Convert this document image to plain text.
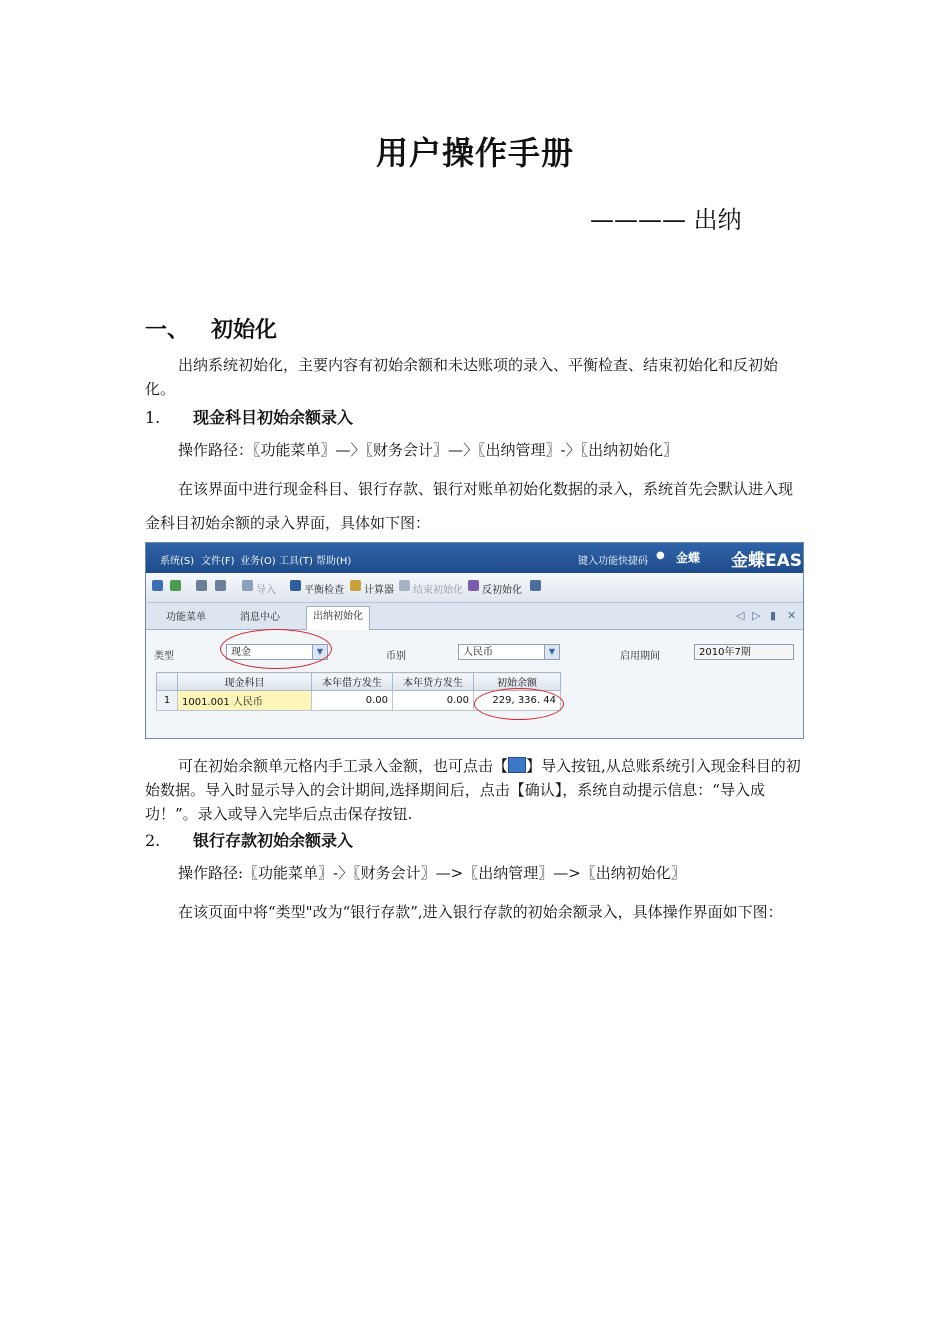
用户操作手册
———— 出纳
一、 初始化
出纳系统初始化，主要内容有初始余额和未达账项的录入、平衡检查、结束初始化和反初始化。
1. 现金科目初始余额录入
操作路径：〖功能菜单〗—〉〖财务会计〗—〉〖出纳管理〗-〉〖出纳初始化〗
在该界面中进行现金科目、银行存款、银行对账单初始化数据的录入，系统首先会默认进入现金科目初始余额的录入界面，具体如下图：
系统(S) 文件(F) 业务(O) 工具(T) 帮助(H)	键入功能快捷码
● 金蝶 金蝶EAS
导入	平衡检查 计算器 结束初始化 反初始化
功能菜单	消息中心	出纳初始化	◁ ▷ ▮ ✕
类型	现金	▼	币别	人民币	▼	启用期间	2010年7期
	现金科目	本年借方发生	本年贷方发生	初始余额
1	1001.001 人民币	0.00	0.00	229, 336. 44
可在初始余额单元格内手工录入金额，也可点击【 】导入按钮,从总账系统引入现金科目的初始数据。导入时显示导入的会计期间,选择期间后，点击【确认】，系统自动提示信息：“导入成功！”。录入或导入完毕后点击保存按钮.
2. 银行存款初始余额录入
操作路径:〖功能菜单〗-〉〖财务会计〗—>〖出纳管理〗—>〖出纳初始化〗
在该页面中将“类型"改为“银行存款”,进入银行存款的初始余额录入，具体操作界面如下图：
